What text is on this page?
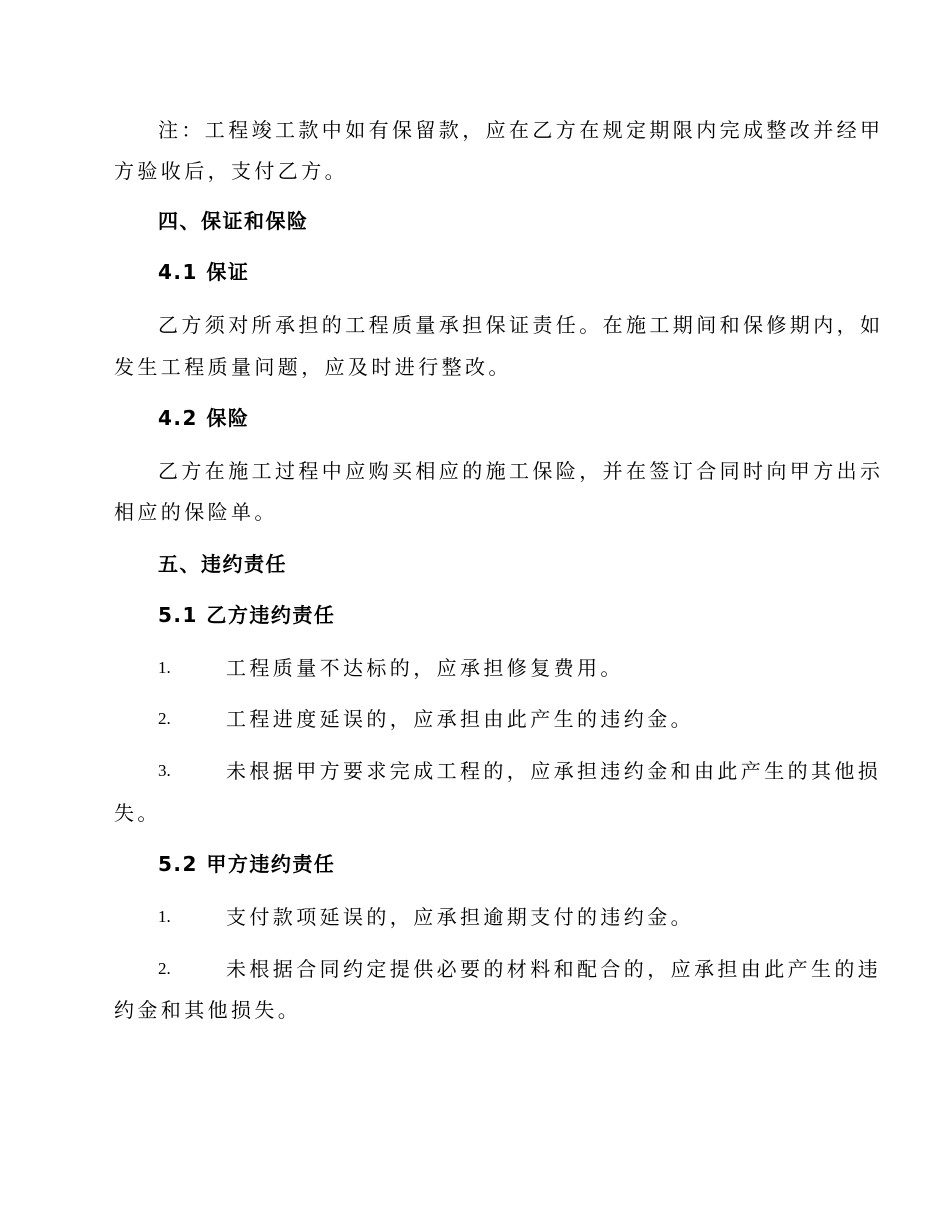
注：工程竣工款中如有保留款，应在乙方在规定期限内完成整改并经甲
方验收后，支付乙方。
四、保证和保险
4.1 保证
乙方须对所承担的工程质量承担保证责任。在施工期间和保修期内，如
发生工程质量问题，应及时进行整改。
4.2 保险
乙方在施工过程中应购买相应的施工保险，并在签订合同时向甲方出示
相应的保险单。
五、违约责任
5.1 乙方违约责任
1.	工程质量不达标的，应承担修复费用。
2.	工程进度延误的，应承担由此产生的违约金。
3.	未根据甲方要求完成工程的，应承担违约金和由此产生的其他损
失。
5.2 甲方违约责任
1.	支付款项延误的，应承担逾期支付的违约金。
2.	未根据合同约定提供必要的材料和配合的，应承担由此产生的违
约金和其他损失。
